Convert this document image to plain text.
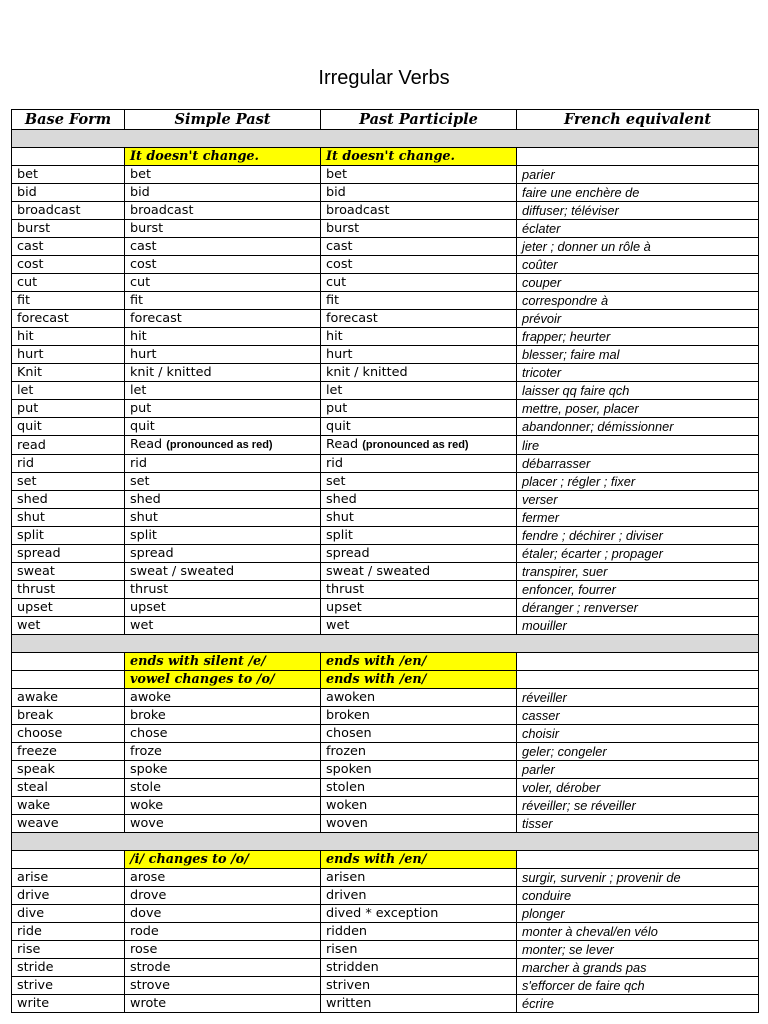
Irregular Verbs
Base Form	Simple Past	Past Participle	French equivalent

	It doesn't change.	It doesn't change.	
bet	bet	bet	parier
bid	bid	bid	faire une enchère de
broadcast	broadcast	broadcast	diffuser; téléviser
burst	burst	burst	éclater
cast	cast	cast	jeter ; donner un rôle à
cost	cost	cost	coûter
cut	cut	cut	couper
fit	fit	fit	correspondre à
forecast	forecast	forecast	prévoir
hit	hit	hit	frapper; heurter
hurt	hurt	hurt	blesser; faire mal
Knit	knit / knitted	knit / knitted	tricoter
let	let	let	laisser qq faire qch
put	put	put	mettre, poser, placer
quit	quit	quit	abandonner; démissionner
read	Read (pronounced as red)	Read (pronounced as red)	lire
rid	rid	rid	débarrasser
set	set	set	placer ; régler ; fixer
shed	shed	shed	verser
shut	shut	shut	fermer
split	split	split	fendre ; déchirer ; diviser
spread	spread	spread	étaler; écarter ; propager
sweat	sweat / sweated	sweat / sweated	transpirer, suer
thrust	thrust	thrust	enfoncer, fourrer
upset	upset	upset	déranger ; renverser
wet	wet	wet	mouiller

	ends with silent /e/	ends with /en/	
	vowel changes to /o/	ends with /en/	
awake	awoke	awoken	réveiller
break	broke	broken	casser
choose	chose	chosen	choisir
freeze	froze	frozen	geler; congeler
speak	spoke	spoken	parler
steal	stole	stolen	voler, dérober
wake	woke	woken	réveiller; se réveiller
weave	wove	woven	tisser

	/i/ changes to /o/	ends with /en/	
arise	arose	arisen	surgir, survenir ; provenir de
drive	drove	driven	conduire
dive	dove	dived * exception	plonger
ride	rode	ridden	monter à cheval/en vélo
rise	rose	risen	monter; se lever
stride	strode	stridden	marcher à grands pas
strive	strove	striven	s'efforcer de faire qch
write	wrote	written	écrire
